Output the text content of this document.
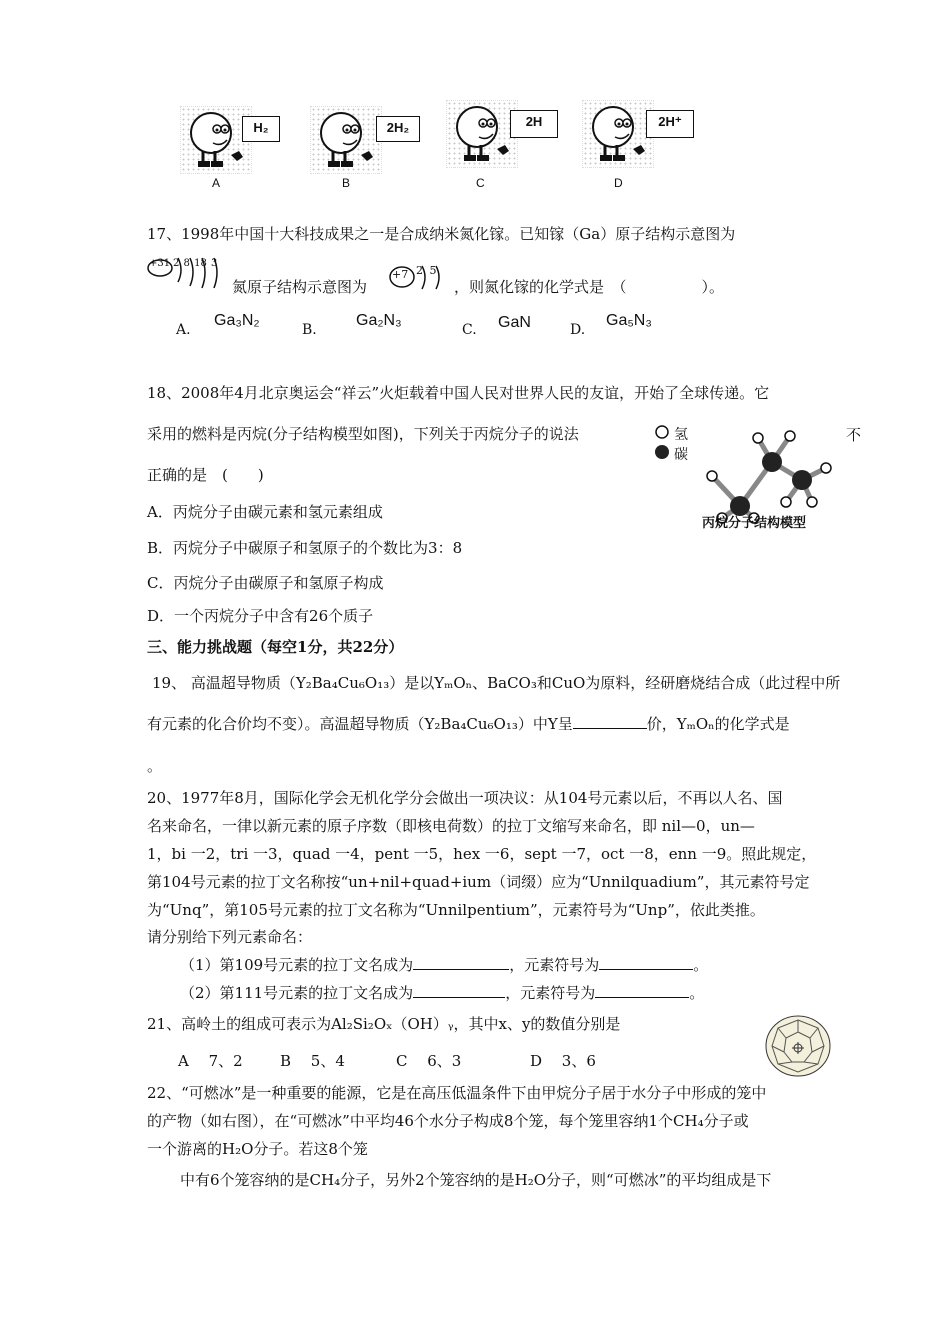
H₂
A
2H₂
B
2H
C
2H⁺
D
17、1998年中国十大科技成果之一是合成纳米氮化镓。已知镓（Ga）原子结构示意图为
+31 2 8 18 3
氮原子结构示意图为
+7 2 5
，则氮化镓的化学式是　（　　　　　）。
A.
Ga₃N₂
B.
Ga₂N₃
C. GaN	D.
Ga₅N₃
18、2008年4月北京奥运会“祥云”火炬载着中国人民对世界人民的友谊，开始了全球传递。它
采用的燃料是丙烷(分子结构模型如图)，下列关于丙烷分子的说法	不
正确的是　(　　)
氢
碳
丙烷分子结构模型
A．丙烷分子由碳元素和氢元素组成
B．丙烷分子中碳原子和氢原子的个数比为3：8
C．丙烷分子由碳原子和氢原子构成
D．一个丙烷分子中含有26个质子
三、能力挑战题（每空1分，共22分）
19、 高温超导物质（Y₂Ba₄Cu₆O₁₃）是以YₘOₙ、BaCO₃和CuO为原料，经研磨烧结合成（此过程中所
有元素的化合价均不变）。高温超导物质（Y₂Ba₄Cu₆O₁₃）中Y呈	价，YₘOₙ的化学式是
。
20、1977年8月，国际化学会无机化学分会做出一项决议：从104号元素以后，不再以人名、国
名来命名，一律以新元素的原子序数（即核电荷数）的拉丁文缩写来命名，即 nil—0，un—
1，bi 一2，tri 一3，quad 一4，pent 一5，hex 一6，sept 一7，oct 一8，enn 一9。照此规定，
第104号元素的拉丁文名称按“un+nil+quad+ium（词缀）应为“Unnilquadium”，其元素符号定
为“Unq”，第105号元素的拉丁文名称为“Unnilpentium”，元素符号为“Unp”，依此类推。
请分别给下列元素命名：
（1）第109号元素的拉丁文名成为	，元素符号为	。
（2）第111号元素的拉丁文名成为	，元素符号为	。
21、高岭土的组成可表示为Al₂Si₂Oₓ（OH）ᵧ，其中x、y的数值分别是
A　 7、2 B　 5、4	C　 6、3	D　 3、6
22、“可燃冰”是一种重要的能源，它是在高压低温条件下由甲烷分子居于水分子中形成的笼中
的产物（如右图），在“可燃冰”中平均46个水分子构成8个笼，每个笼里容纳1个CH₄分子或
一个游离的H₂O分子。若这8个笼
中有6个笼容纳的是CH₄分子，另外2个笼容纳的是H₂O分子，则“可燃冰”的平均组成是下
